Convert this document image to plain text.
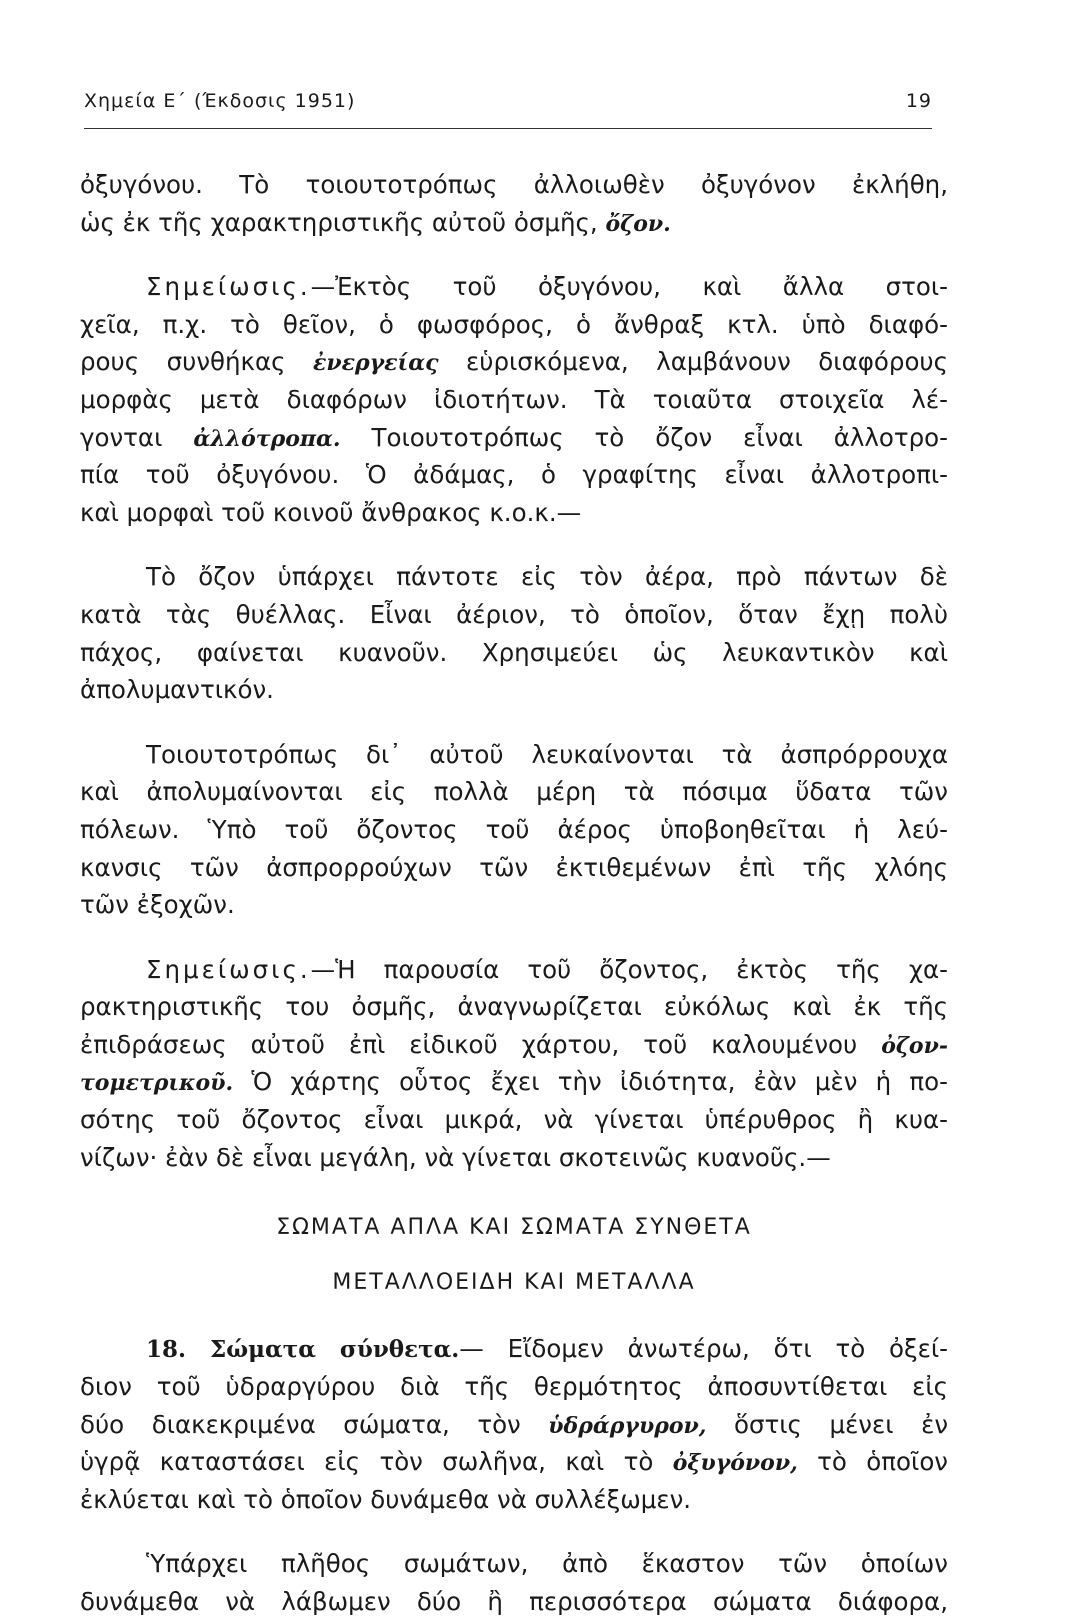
Χημεία Ε΄ (Έκδοσις 1951)	19
ὀξυγόνου. Τὸ τοιουτοτρόπως ἀλλοιωθὲν ὀξυγόνον ἐκλήθη,
ὡς ἐκ τῆς χαρακτηριστικῆς αὐτοῦ ὀσμῆς, ὄζον.
Σημείωσις.—Ἐκτὸς τοῦ ὀξυγόνου, καὶ ἄλλα στοι-
χεῖα, π.χ. τὸ θεῖον, ὁ φωσφόρος, ὁ ἄνθραξ κτλ. ὑπὸ διαφό-
ρους συνθήκας ἐνεργείας εὑρισκόμενα, λαμβάνουν διαφόρους
μορφὰς μετὰ διαφόρων ἰδιοτήτων. Τὰ τοιαῦτα στοιχεῖα λέ-
γονται ἀλλότροπα. Τοιουτοτρόπως τὸ ὄζον εἶναι ἀλλοτρο-
πία τοῦ ὀξυγόνου. Ὁ ἀδάμας, ὁ γραφίτης εἶναι ἀλλοτροπι-
καὶ μορφαὶ τοῦ κοινοῦ ἄνθρακος κ.ο.κ.—
Τὸ ὄζον ὑπάρχει πάντοτε εἰς τὸν ἀέρα, πρὸ πάντων δὲ
κατὰ τὰς θυέλλας. Εἶναι ἀέριον, τὸ ὁποῖον, ὅταν ἔχῃ πολὺ
πάχος, φαίνεται κυανοῦν. Χρησιμεύει ὡς λευκαντικὸν καὶ
ἀπολυμαντικόν.
Τοιουτοτρόπως δι᾽ αὐτοῦ λευκαίνονται τὰ ἀσπρόρρουχα
καὶ ἀπολυμαίνονται εἰς πολλὰ μέρη τὰ πόσιμα ὕδατα τῶν
πόλεων. Ὑπὸ τοῦ ὄζοντος τοῦ ἀέρος ὑποβοηθεῖται ἡ λεύ-
κανσις τῶν ἀσπρορρούχων τῶν ἐκτιθεμένων ἐπὶ τῆς χλόης
τῶν ἐξοχῶν.
Σημείωσις.—Ἡ παρουσία τοῦ ὄζοντος, ἐκτὸς τῆς χα-
ρακτηριστικῆς του ὀσμῆς, ἀναγνωρίζεται εὐκόλως καὶ ἐκ τῆς
ἐπιδράσεως αὐτοῦ ἐπὶ εἰδικοῦ χάρτου, τοῦ καλουμένου ὀζον-
τομετρικοῦ. Ὁ χάρτης οὗτος ἔχει τὴν ἰδιότητα, ἐὰν μὲν ἡ πο-
σότης τοῦ ὄζοντος εἶναι μικρά, νὰ γίνεται ὑπέρυθρος ἢ κυα-
νίζων· ἐὰν δὲ εἶναι μεγάλη, νὰ γίνεται σκοτεινῶς κυανοῦς.—
ΣΩΜΑΤΑ ΑΠΛΑ ΚΑΙ ΣΩΜΑΤΑ ΣΥΝΘΕΤΑ
ΜΕΤΑΛΛΟΕΙΔΗ ΚΑΙ ΜΕΤΑΛΛΑ
18. Σώματα σύνθετα.— Εἴδομεν ἀνωτέρω, ὅτι τὸ ὀξεί-
διον τοῦ ὑδραργύρου διὰ τῆς θερμότητος ἀποσυντίθεται εἰς
δύο διακεκριμένα σώματα, τὸν ὑδράργυρον, ὅστις μένει ἐν
ὑγρᾷ καταστάσει εἰς τὸν σωλῆνα, καὶ τὸ ὀξυγόνον, τὸ ὁποῖον
ἐκλύεται καὶ τὸ ὁποῖον δυνάμεθα νὰ συλλέξωμεν.
Ὑπάρχει πλῆθος σωμάτων, ἀπὸ ἕκαστον τῶν ὁποίων
δυνάμεθα νὰ λάβωμεν δύο ἢ περισσότερα σώματα διάφορα,
